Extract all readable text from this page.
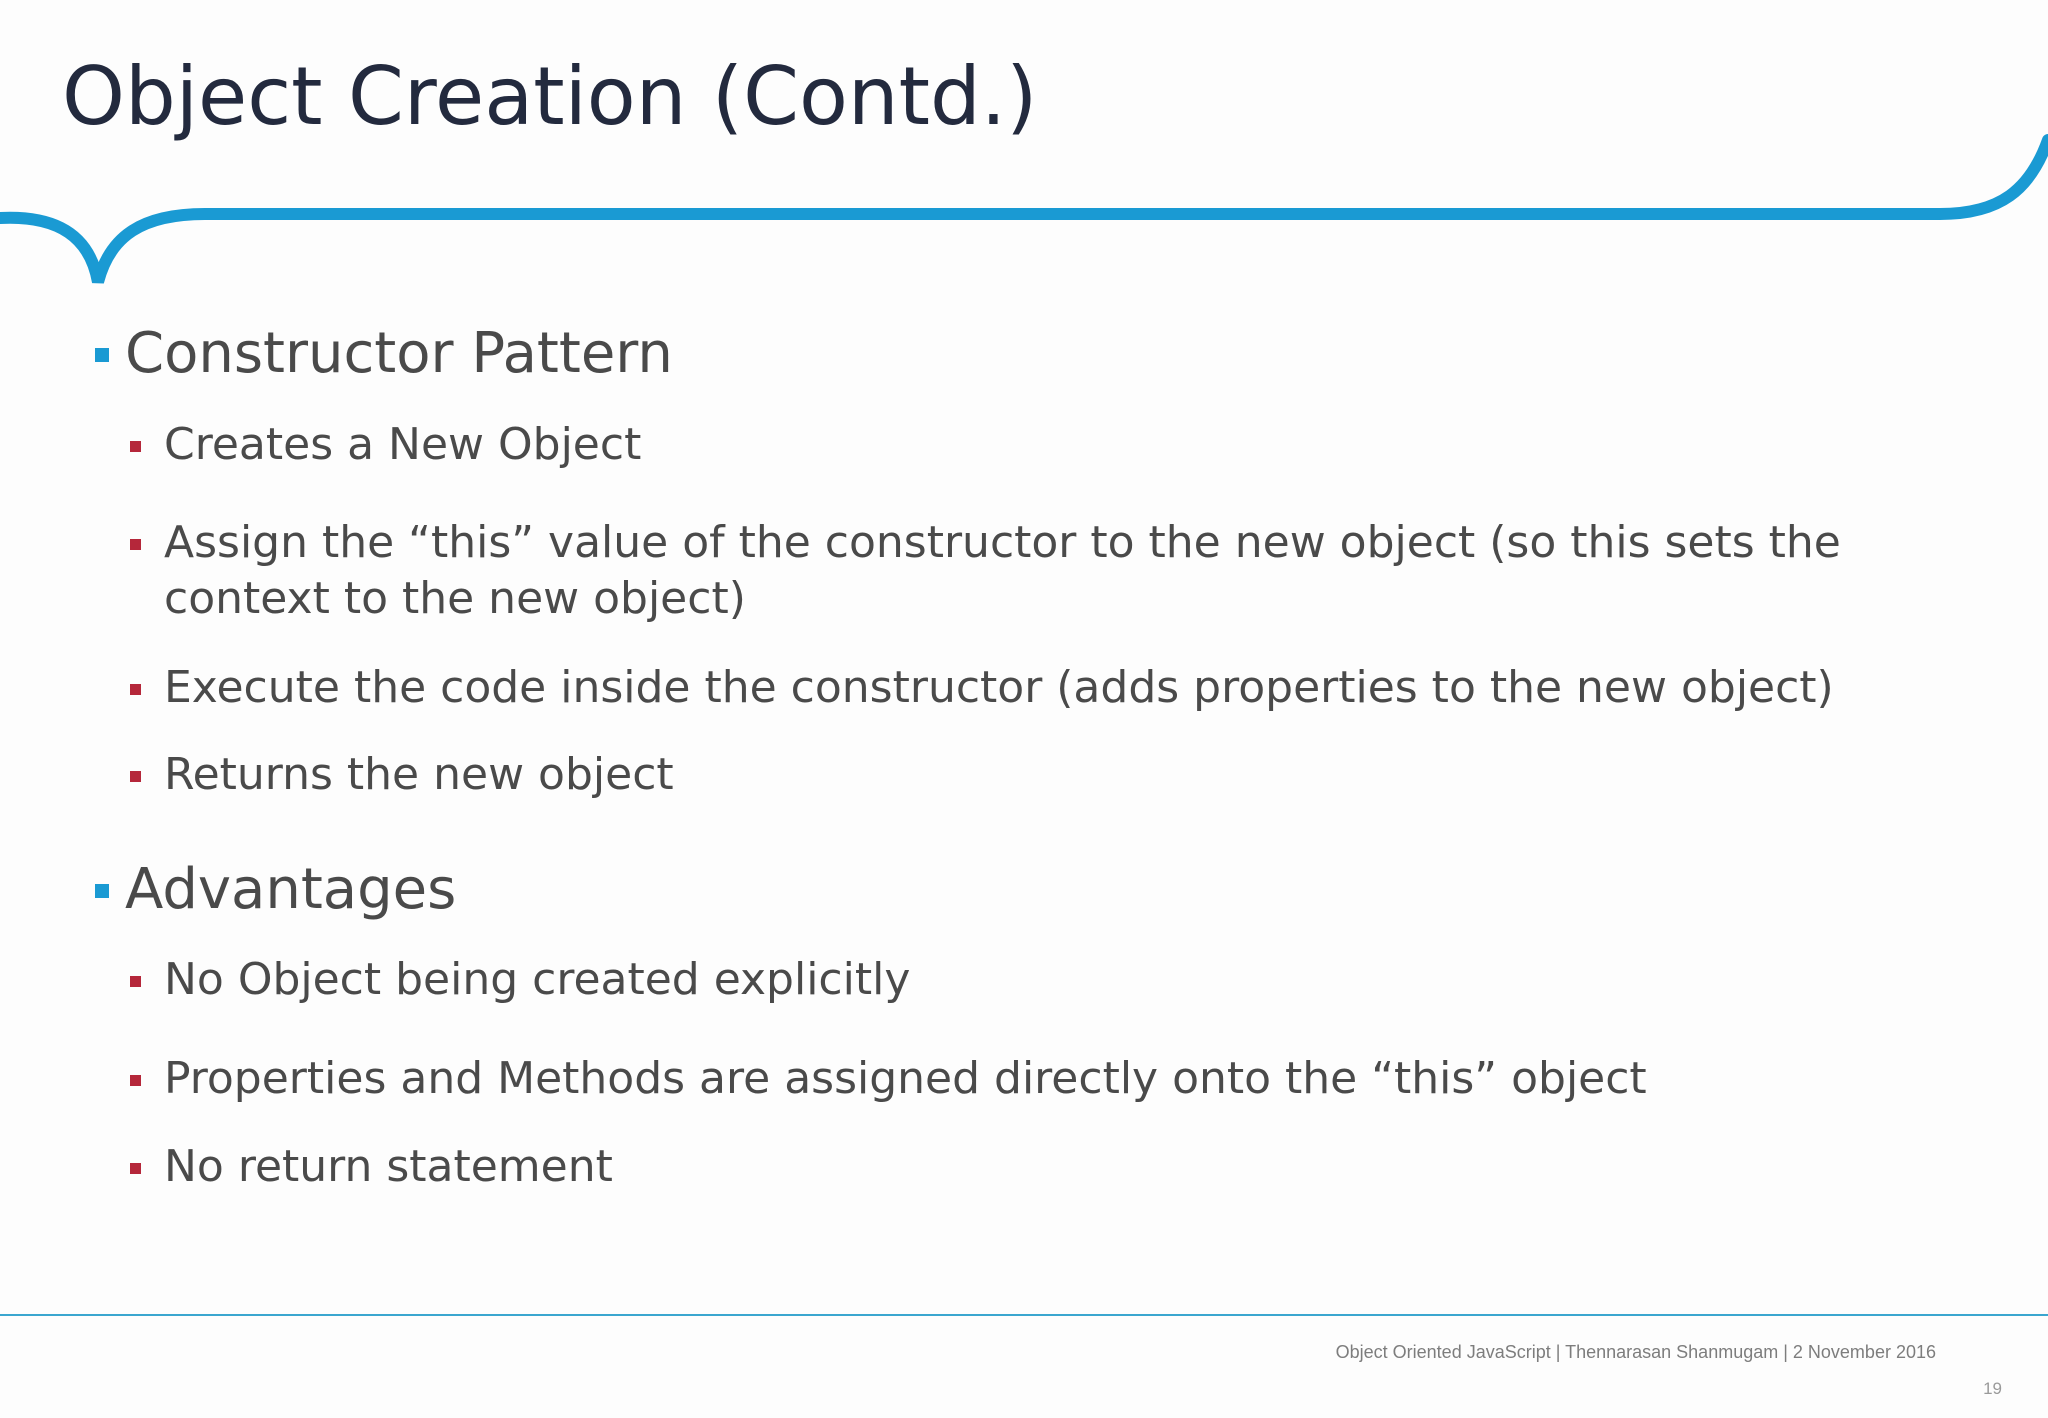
Object Creation (Contd.)
Constructor Pattern
Creates a New Object
Assign the “this” value of the constructor to the new object (so this sets the
context to the new object)
Execute the code inside the constructor (adds properties to the new object)
Returns the new object
Advantages
No Object being created explicitly
Properties and Methods are assigned directly onto the “this” object
No return statement
Object Oriented JavaScript | Thennarasan Shanmugam | 2 November 2016
19
